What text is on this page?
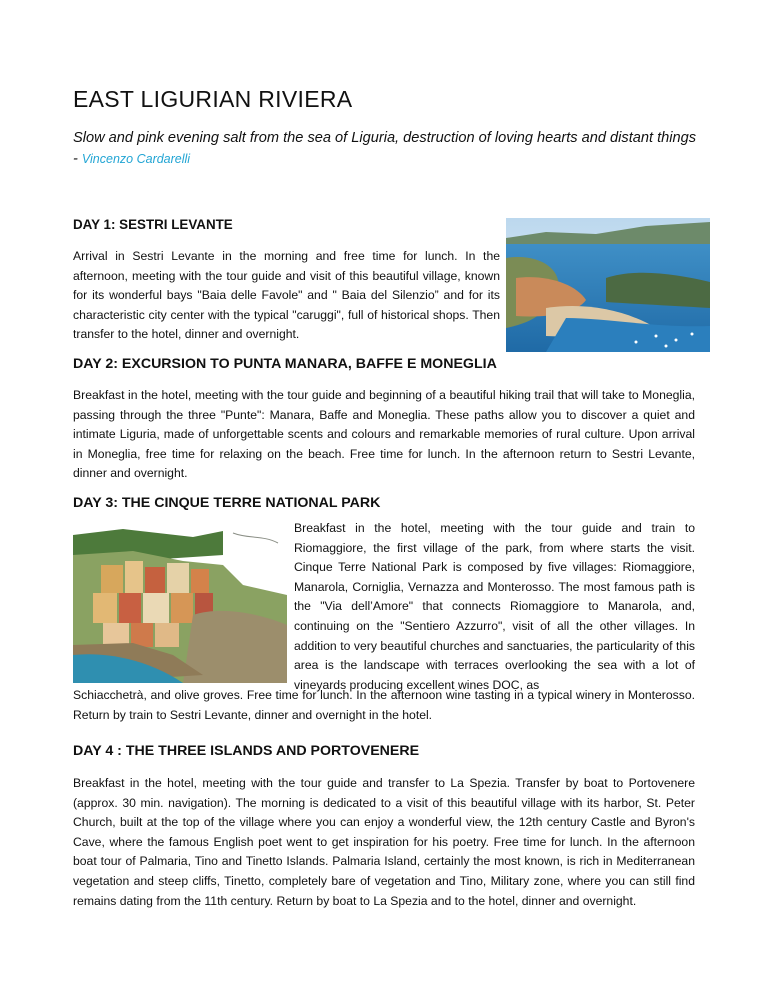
EAST LIGURIAN RIVIERA

Slow and pink evening salt from the sea of Liguria, destruction of loving hearts and distant things - Vincenzo Cardarelli

DAY 1: SESTRI LEVANTE

Arrival in Sestri Levante in the morning and free time for lunch. In the afternoon, meeting with the tour guide and visit of this beautiful village, known for its wonderful bays "Baia delle Favole" and " Baia del Silenzio” and for its characteristic city center with the typical "caruggi", full of historical shops. Then transfer to the hotel, dinner and overnight.

DAY 2: EXCURSION TO PUNTA MANARA, BAFFE E MONEGLIA

Breakfast in the hotel, meeting with the tour guide and beginning of a beautiful hiking trail that will take to Moneglia, passing through the three "Punte": Manara, Baffe and Moneglia. These paths allow you to discover a quiet and intimate Liguria, made of unforgettable scents and colours and remarkable memories of rural culture. Upon arrival in Moneglia, free time for relaxing on the beach. Free time for lunch. In the afternoon return to Sestri Levante, dinner and overnight.

DAY 3: THE CINQUE TERRE NATIONAL PARK

Breakfast in the hotel, meeting with the tour guide and train to Riomaggiore, the first village of the park, from where starts the visit. Cinque Terre National Park is composed by five villages: Riomaggiore, Manarola, Corniglia, Vernazza and Monterosso. The most famous path is the "Via dell’Amore" that connects Riomaggiore to Manarola, and, continuing on the "Sentiero Azzurro", visit of all the other villages. In addition to very beautiful churches and sanctuaries, the particularity of this area is the landscape with terraces overlooking the sea with a lot of vineyards producing excellent wines DOC, as

Schiacchetrà, and olive groves. Free time for lunch. In the afternoon wine tasting in a typical winery in Monterosso. Return by train to Sestri Levante, dinner and overnight in the hotel.

DAY 4 : THE THREE ISLANDS AND PORTOVENERE

Breakfast in the hotel, meeting with the tour guide and transfer to La Spezia. Transfer by boat to Portovenere (approx. 30 min. navigation). The morning is dedicated to a visit of this beautiful village with its harbor, St. Peter Church, built at the top of the village where you can enjoy a wonderful view, the 12th century Castle and Byron's Cave, where the famous English poet went to get inspiration for his poetry. Free time for lunch. In the afternoon boat tour of Palmaria, Tino and Tinetto Islands. Palmaria Island, certainly the most known, is rich in Mediterranean vegetation and steep cliffs, Tinetto, completely bare of vegetation and Tino, Military zone, where you can still find remains dating from the 11th century. Return by boat to La Spezia and to the hotel, dinner and overnight.
